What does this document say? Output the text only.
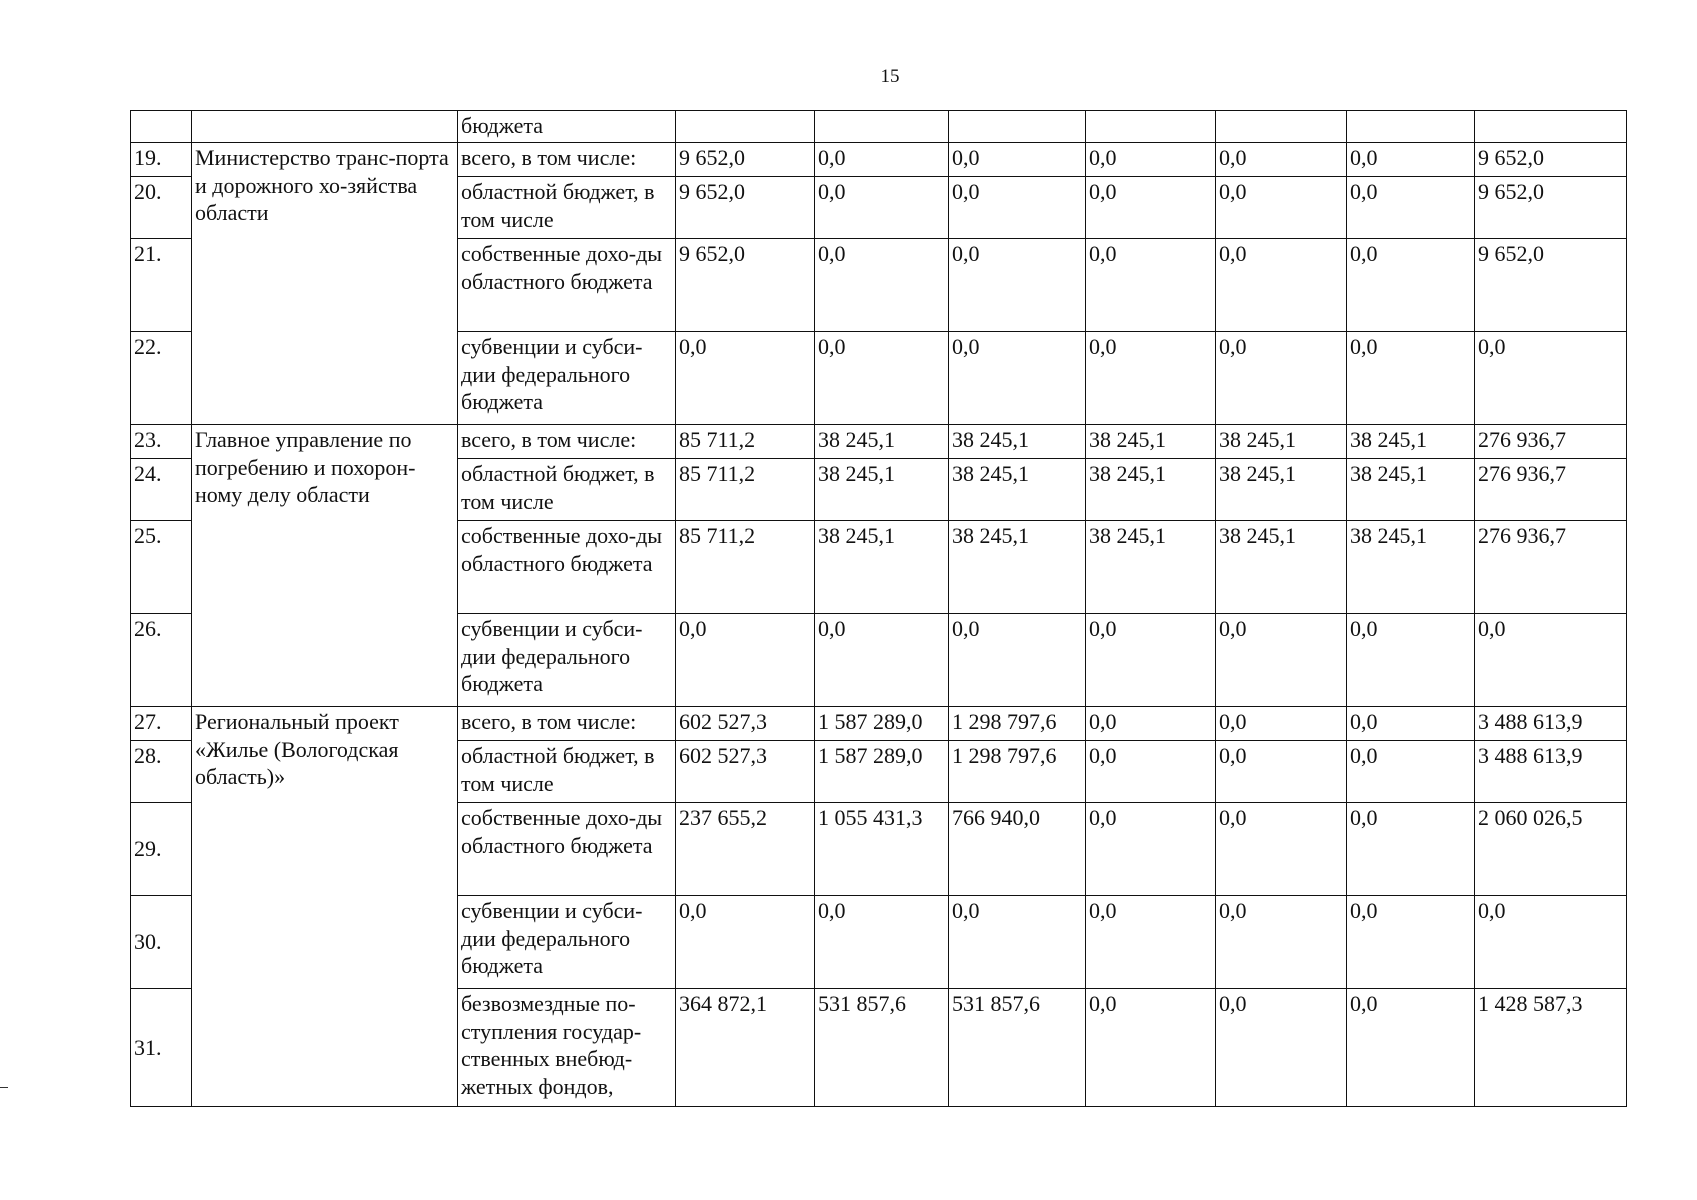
15
		бюджета							
19.	Министерство транс-порта и дорожного хо-зяйства области	всего, в том числе:	9 652,0	0,0	0,0	0,0	0,0	0,0	9 652,0
20.		областной бюджет, в том числе	9 652,0	0,0	0,0	0,0	0,0	0,0	9 652,0
21.		собственные дохо-ды областного бюджета	9 652,0	0,0	0,0	0,0	0,0	0,0	9 652,0
22.		субвенции и субси-дии федерального бюджета	0,0	0,0	0,0	0,0	0,0	0,0	0,0
23.	Главное управление по погребению и похорон-ному делу области	всего, в том числе:	85 711,2	38 245,1	38 245,1	38 245,1	38 245,1	38 245,1	276 936,7
24.		областной бюджет, в том числе	85 711,2	38 245,1	38 245,1	38 245,1	38 245,1	38 245,1	276 936,7
25.		собственные дохо-ды областного бюджета	85 711,2	38 245,1	38 245,1	38 245,1	38 245,1	38 245,1	276 936,7
26.		субвенции и субси-дии федерального бюджета	0,0	0,0	0,0	0,0	0,0	0,0	0,0
27.	Региональный проект «Жилье (Вологодская область)»	всего, в том числе:	602 527,3	1 587 289,0	1 298 797,6	0,0	0,0	0,0	3 488 613,9
28.		областной бюджет, в том числе	602 527,3	1 587 289,0	1 298 797,6	0,0	0,0	0,0	3 488 613,9
29.		собственные дохо-ды областного бюджета	237 655,2	1 055 431,3	766 940,0	0,0	0,0	0,0	2 060 026,5
30.		субвенции и субси-дии федерального бюджета	0,0	0,0	0,0	0,0	0,0	0,0	0,0
31.		безвозмездные по-ступления государ-ственных внебюд-жетных фондов,	364 872,1	531 857,6	531 857,6	0,0	0,0	0,0	1 428 587,3
